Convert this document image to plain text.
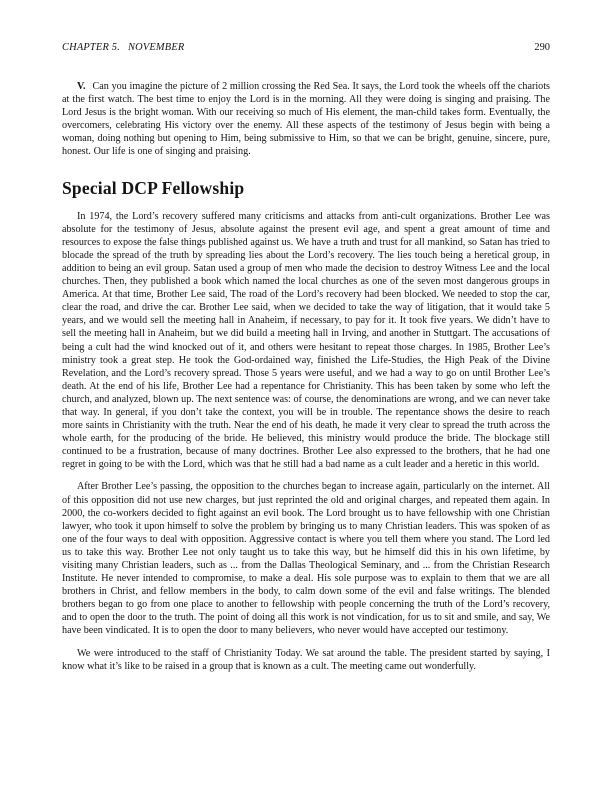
CHAPTER 5. NOVEMBER	290

V. Can you imagine the picture of 2 million crossing the Red Sea. It says, the Lord took the wheels off the chariots at the first watch. The best time to enjoy the Lord is in the morning. All they were doing is singing and praising. The Lord Jesus is the bright woman. With our receiving so much of His element, the man-child takes form. Eventually, the overcomers, celebrating His victory over the enemy. All these aspects of the testimony of Jesus begin with being a woman, doing nothing but opening to Him, being submissive to Him, so that we can be bright, genuine, sincere, pure, honest. Our life is one of singing and praising.

Special DCP Fellowship

In 1974, the Lord’s recovery suffered many criticisms and attacks from anti-cult organizations. Brother Lee was absolute for the testimony of Jesus, absolute against the present evil age, and spent a great amount of time and resources to expose the false things published against us. We have a truth and trust for all mankind, so Satan has tried to blocade the spread of the truth by spreading lies about the Lord’s recovery. The lies touch being a heretical group, in addition to being an evil group. Satan used a group of men who made the decision to destroy Witness Lee and the local churches. Then, they published a book which named the local churches as one of the seven most dangerous groups in America. At that time, Brother Lee said, The road of the Lord’s recovery had been blocked. We needed to stop the car, clear the road, and drive the car. Brother Lee said, when we decided to take the way of litigation, that it would take 5 years, and we would sell the meeting hall in Anaheim, if necessary, to pay for it. It took five years. We didn’t have to sell the meeting hall in Anaheim, but we did build a meeting hall in Irving, and another in Stuttgart. The accusations of being a cult had the wind knocked out of it, and others were hesitant to repeat those charges. In 1985, Brother Lee’s ministry took a great step. He took the God-ordained way, finished the Life-Studies, the High Peak of the Divine Revelation, and the Lord’s recovery spread. Those 5 years were useful, and we had a way to go on until Brother Lee’s death. At the end of his life, Brother Lee had a repentance for Christianity. This has been taken by some who left the church, and analyzed, blown up. The next sentence was: of course, the denominations are wrong, and we can never take that way. In general, if you don’t take the context, you will be in trouble. The repentance shows the desire to reach more saints in Christianity with the truth. Near the end of his death, he made it very clear to spread the truth across the whole earth, for the producing of the bride. He believed, this ministry would produce the bride. The blockage still continued to be a frustration, because of many doctrines. Brother Lee also expressed to the brothers, that he had one regret in going to be with the Lord, which was that he still had a bad name as a cult leader and a heretic in this world.

After Brother Lee’s passing, the opposition to the churches began to increase again, particularly on the internet. All of this opposition did not use new charges, but just reprinted the old and original charges, and repeated them again. In 2000, the co-workers decided to fight against an evil book. The Lord brought us to have fellowship with one Christian lawyer, who took it upon himself to solve the problem by bringing us to many Christian leaders. This was spoken of as one of the four ways to deal with opposition. Aggressive contact is where you tell them where you stand. The Lord led us to take this way. Brother Lee not only taught us to take this way, but he himself did this in his own lifetime, by visiting many Christian leaders, such as ... from the Dallas Theological Seminary, and ... from the Christian Research Institute. He never intended to compromise, to make a deal. His sole purpose was to explain to them that we are all brothers in Christ, and fellow members in the body, to calm down some of the evil and false writings. The blended brothers began to go from one place to another to fellowship with people concerning the truth of the Lord’s recovery, and to open the door to the truth. The point of doing all this work is not vindication, for us to sit and smile, and say, We have been vindicated. It is to open the door to many believers, who never would have accepted our testimony.

We were introduced to the staff of Christianity Today. We sat around the table. The president started by saying, I know what it’s like to be raised in a group that is known as a cult. The meeting came out wonderfully.
